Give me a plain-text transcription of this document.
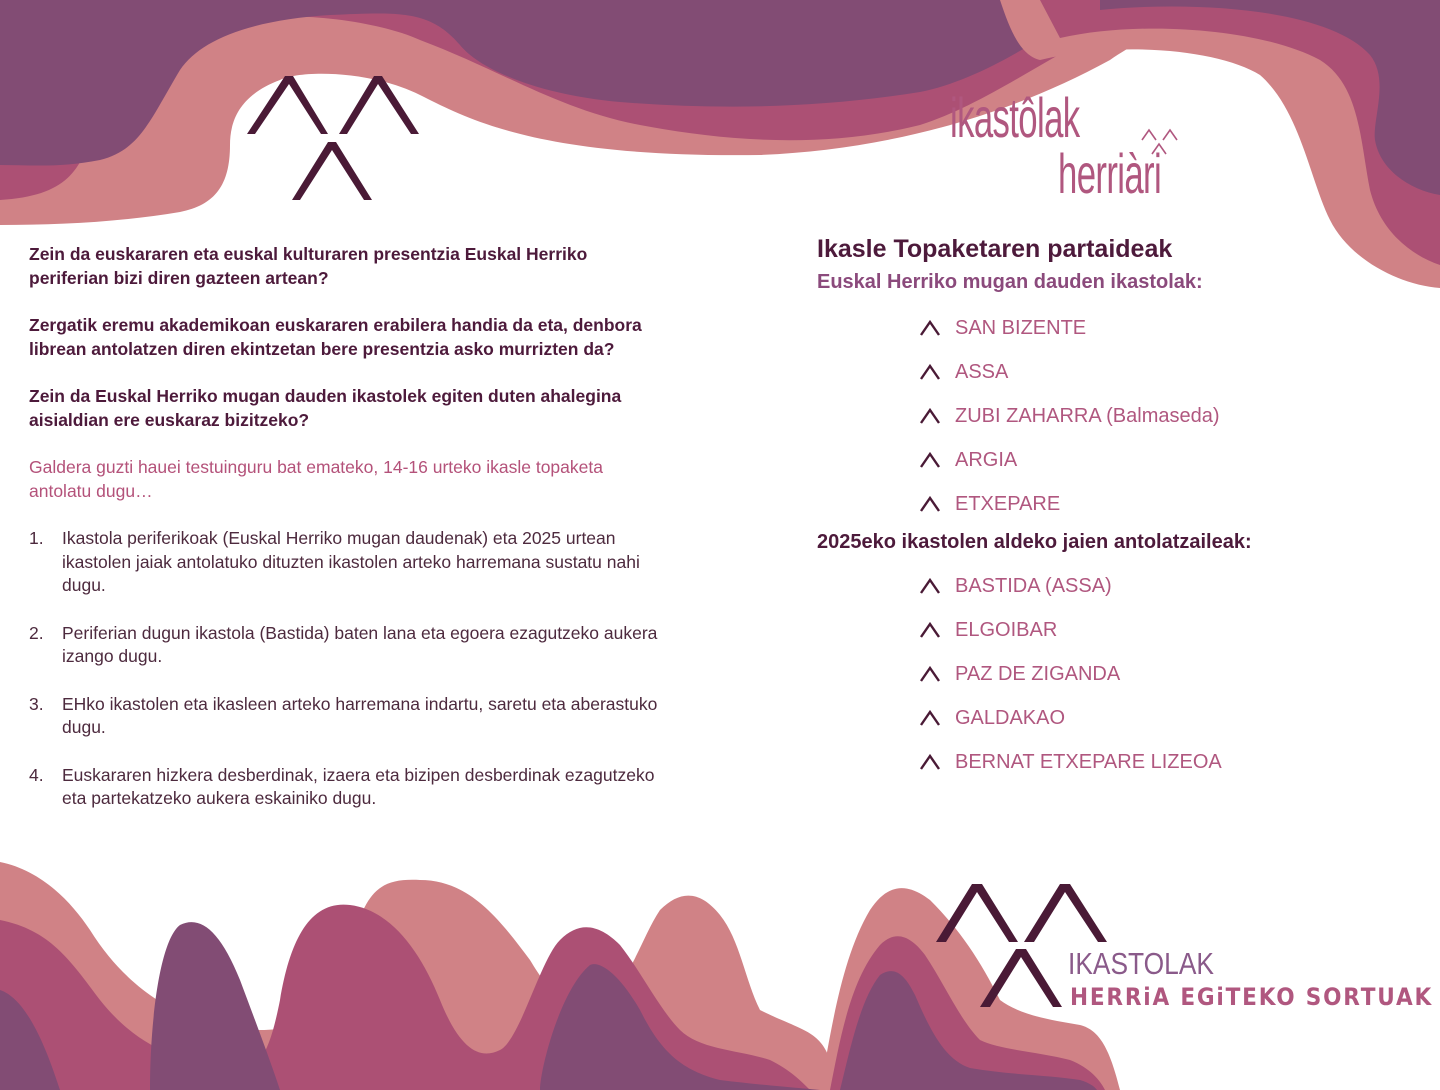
ikastôlak
herriàri

Zein da euskararen eta euskal kulturaren presentzia Euskal Herriko periferian bizi diren gazteen artean?

Zergatik eremu akademikoan euskararen erabilera handia da eta, denbora librean antolatzen diren ekintzetan bere presentzia asko murrizten da?

Zein da Euskal Herriko mugan dauden ikastolek egiten duten ahalegina aisialdian ere euskaraz bizitzeko?

Galdera guzti hauei testuinguru bat emateko, 14-16 urteko ikasle topaketa antolatu dugu…

1. Ikastola periferikoak (Euskal Herriko mugan daudenak) eta 2025 urtean ikastolen jaiak antolatuko dituzten ikastolen arteko harremana sustatu nahi dugu.
2. Periferian dugun ikastola (Bastida) baten lana eta egoera ezagutzeko aukera izango dugu.
3. EHko ikastolen eta ikasleen arteko harremana indartu, saretu eta aberastuko dugu.
4. Euskararen hizkera desberdinak, izaera eta bizipen desberdinak ezagutzeko eta partekatzeko aukera eskainiko dugu.
Ikasle Topaketaren partaideak
Euskal Herriko mugan dauden ikastolak:
SAN BIZENTE
ASSA
ZUBI ZAHARRA (Balmaseda)
ARGIA
ETXEPARE
2025eko ikastolen aldeko jaien antolatzaileak:
BASTIDA (ASSA)
ELGOIBAR
PAZ DE ZIGANDA
GALDAKAO
BERNAT ETXEPARE LIZEOA
IKASTOLAK
HERRiA EGiTEKO SORTUAK
